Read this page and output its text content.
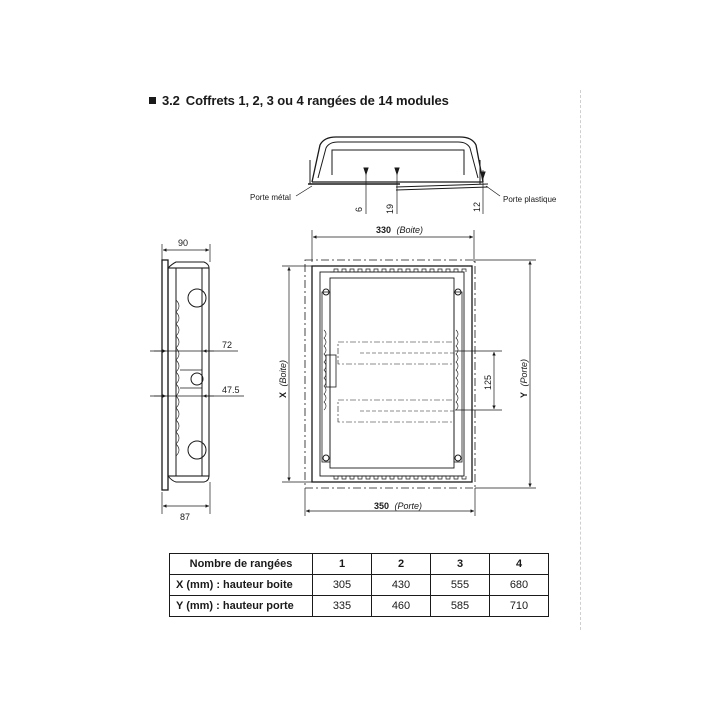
3.2 Coffrets 1, 2, 3 ou 4 rangées de 14 modules
Porte métal	Porte plastique
6 19	12
90
72
47.5
87
330 (Boite)
350 (Porte)
X (Boite)
Y (Porte)
125
Nombre de rangées	1	2	3	4
X (mm) : hauteur boite	305	430	555	680
Y (mm) : hauteur porte	335	460	585	710
